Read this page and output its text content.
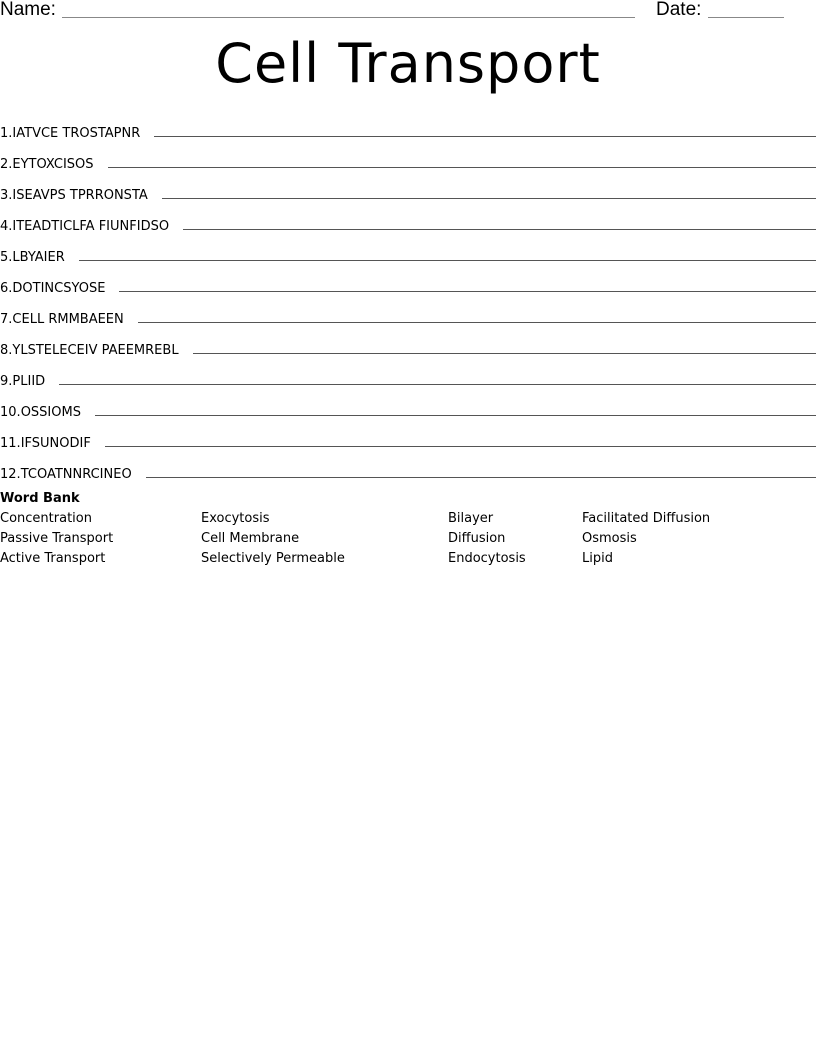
Name:	Date:
Cell Transport
1. IATVCE TROSTAPNR
2. EYTOXCISOS
3. ISEAVPS TPRRONSTA
4. ITEADTICLFA FIUNFIDSO
5. LBYAIER
6. DOTINCSYOSE
7. CELL RMMBAEEN
8. YLSTELECEIV PAEEMREBL
9. PLIID
10. OSSIOMS
11. IFSUNODIF
12. TCOATNNRCINEO
Word Bank
Concentration	Exocytosis	Bilayer	Facilitated Diffusion
Passive Transport	Cell Membrane	Diffusion	Osmosis
Active Transport	Selectively Permeable	Endocytosis	Lipid
